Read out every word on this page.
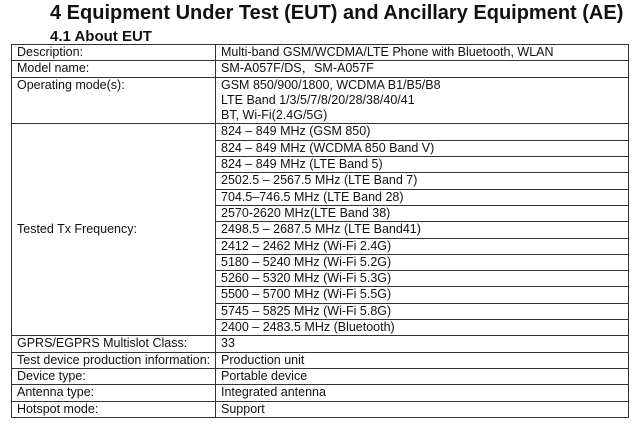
4 Equipment Under Test (EUT) and Ancillary Equipment (AE)
4.1 About EUT
Description:	Multi-band GSM/WCDMA/LTE Phone with Bluetooth, WLAN
Model name:	SM-A057F/DS，SM-A057F
Operating mode(s):	GSM 850/900/1800, WCDMA B1/B5/B8
	LTE Band 1/3/5/7/8/20/28/38/40/41
	BT, Wi-Fi(2.4G/5G)
Tested Tx Frequency:	824 – 849 MHz (GSM 850)
	824 – 849 MHz (WCDMA 850 Band V)
	824 – 849 MHz (LTE Band 5)
	2502.5 – 2567.5 MHz (LTE Band 7)
	704.5–746.5 MHz (LTE Band 28)
	2570-2620 MHz(LTE Band 38)
	2498.5 – 2687.5 MHz (LTE Band41)
	2412 – 2462 MHz (Wi-Fi 2.4G)
	5180 – 5240 MHz (Wi-Fi 5.2G)
	5260 – 5320 MHz (Wi-Fi 5.3G)
	5500 – 5700 MHz (Wi-Fi 5.5G)
	5745 – 5825 MHz (Wi-Fi 5.8G)
	2400 – 2483.5 MHz (Bluetooth)
GPRS/EGPRS Multislot Class:	33
Test device production information:	Production unit
Device type:	Portable device
Antenna type:	Integrated antenna
Hotspot mode:	Support
